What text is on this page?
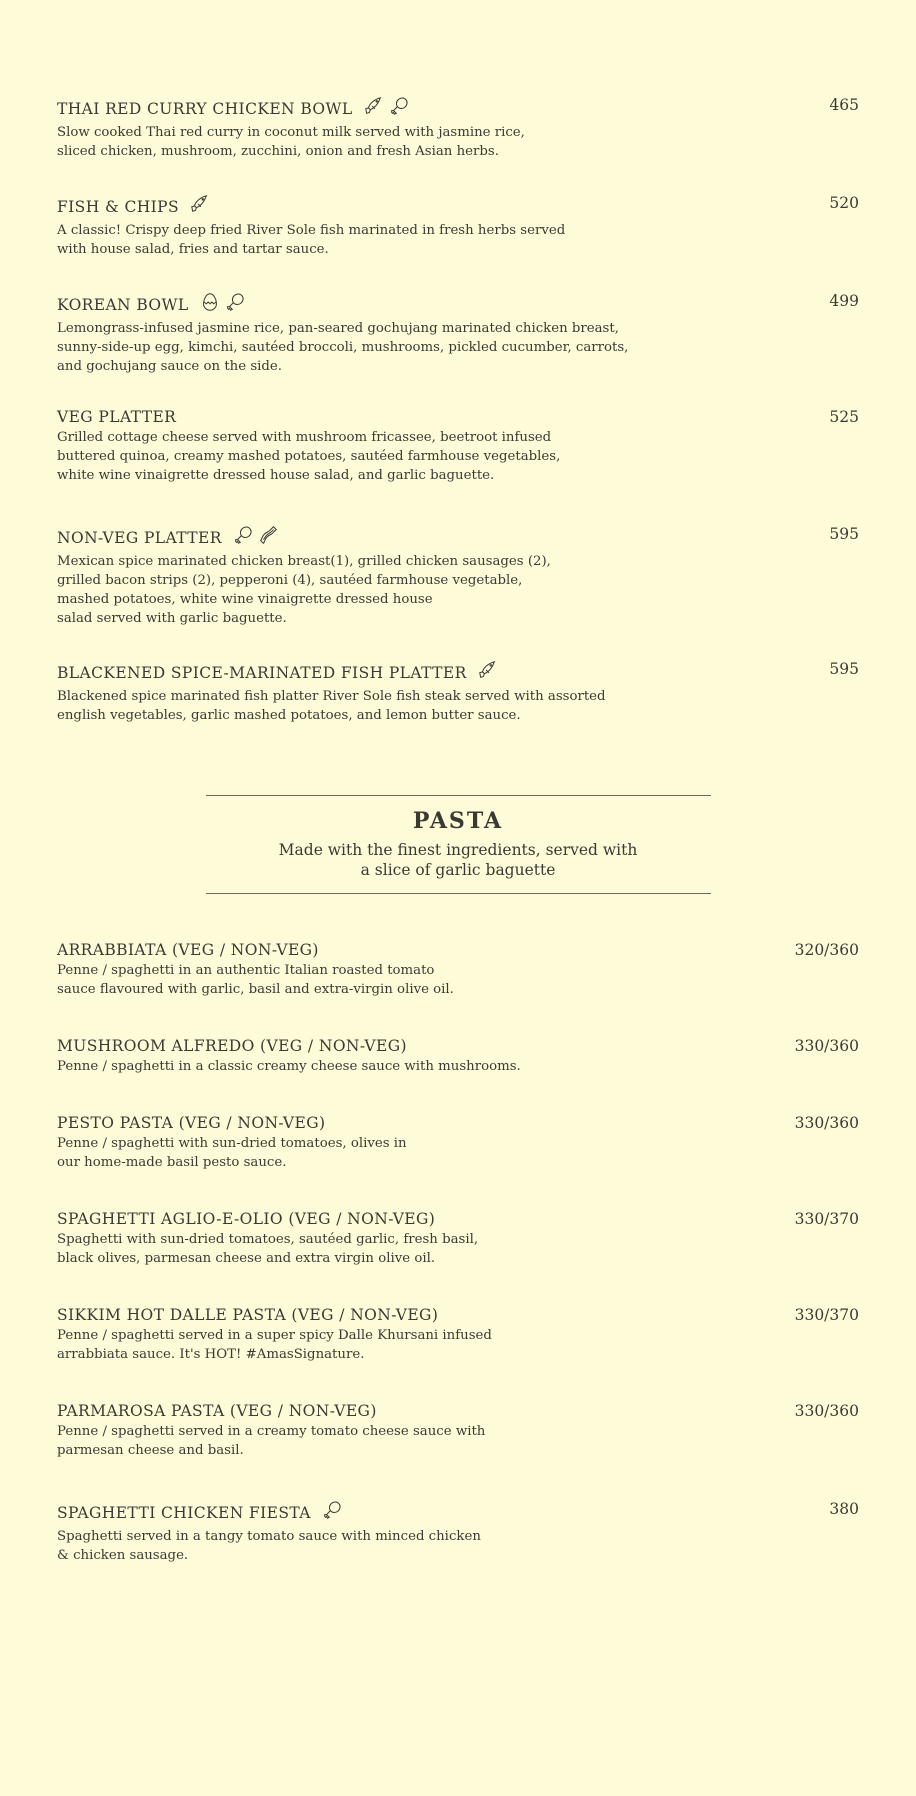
THAI RED CURRY CHICKEN BOWL	465
Slow cooked Thai red curry in coconut milk served with jasmine rice,
sliced chicken, mushroom, zucchini, onion and fresh Asian herbs.
FISH & CHIPS	520
A classic! Crispy deep fried River Sole fish marinated in fresh herbs served
with house salad, fries and tartar sauce.
KOREAN BOWL	499
Lemongrass-infused jasmine rice, pan-seared gochujang marinated chicken breast,
sunny-side-up egg, kimchi, sautéed broccoli, mushrooms, pickled cucumber, carrots,
and gochujang sauce on the side.
VEG PLATTER	525
Grilled cottage cheese served with mushroom fricassee, beetroot infused
buttered quinoa, creamy mashed potatoes, sautéed farmhouse vegetables,
white wine vinaigrette dressed house salad, and garlic baguette.
NON-VEG PLATTER	595
Mexican spice marinated chicken breast(1), grilled chicken sausages (2),
grilled bacon strips (2), pepperoni (4), sautéed farmhouse vegetable,
mashed potatoes, white wine vinaigrette dressed house
salad served with garlic baguette.
BLACKENED SPICE-MARINATED FISH PLATTER	595
Blackened spice marinated fish platter River Sole fish steak served with assorted
english vegetables, garlic mashed potatoes, and lemon butter sauce.
PASTA
Made with the finest ingredients, served with
a slice of garlic baguette
ARRABBIATA (VEG / NON-VEG)	320/360
Penne / spaghetti in an authentic Italian roasted tomato
sauce flavoured with garlic, basil and extra-virgin olive oil.
MUSHROOM ALFREDO (VEG / NON-VEG)	330/360
Penne / spaghetti in a classic creamy cheese sauce with mushrooms.
PESTO PASTA (VEG / NON-VEG)	330/360
Penne / spaghetti with sun-dried tomatoes, olives in
our home-made basil pesto sauce.
SPAGHETTI AGLIO-E-OLIO (VEG / NON-VEG)	330/370
Spaghetti with sun-dried tomatoes, sautéed garlic, fresh basil,
black olives, parmesan cheese and extra virgin olive oil.
SIKKIM HOT DALLE PASTA (VEG / NON-VEG)	330/370
Penne / spaghetti served in a super spicy Dalle Khursani infused
arrabbiata sauce. It's HOT! #AmasSignature.
PARMAROSA PASTA (VEG / NON-VEG)	330/360
Penne / spaghetti served in a creamy tomato cheese sauce with
parmesan cheese and basil.
SPAGHETTI CHICKEN FIESTA	380
Spaghetti served in a tangy tomato sauce with minced chicken
& chicken sausage.
